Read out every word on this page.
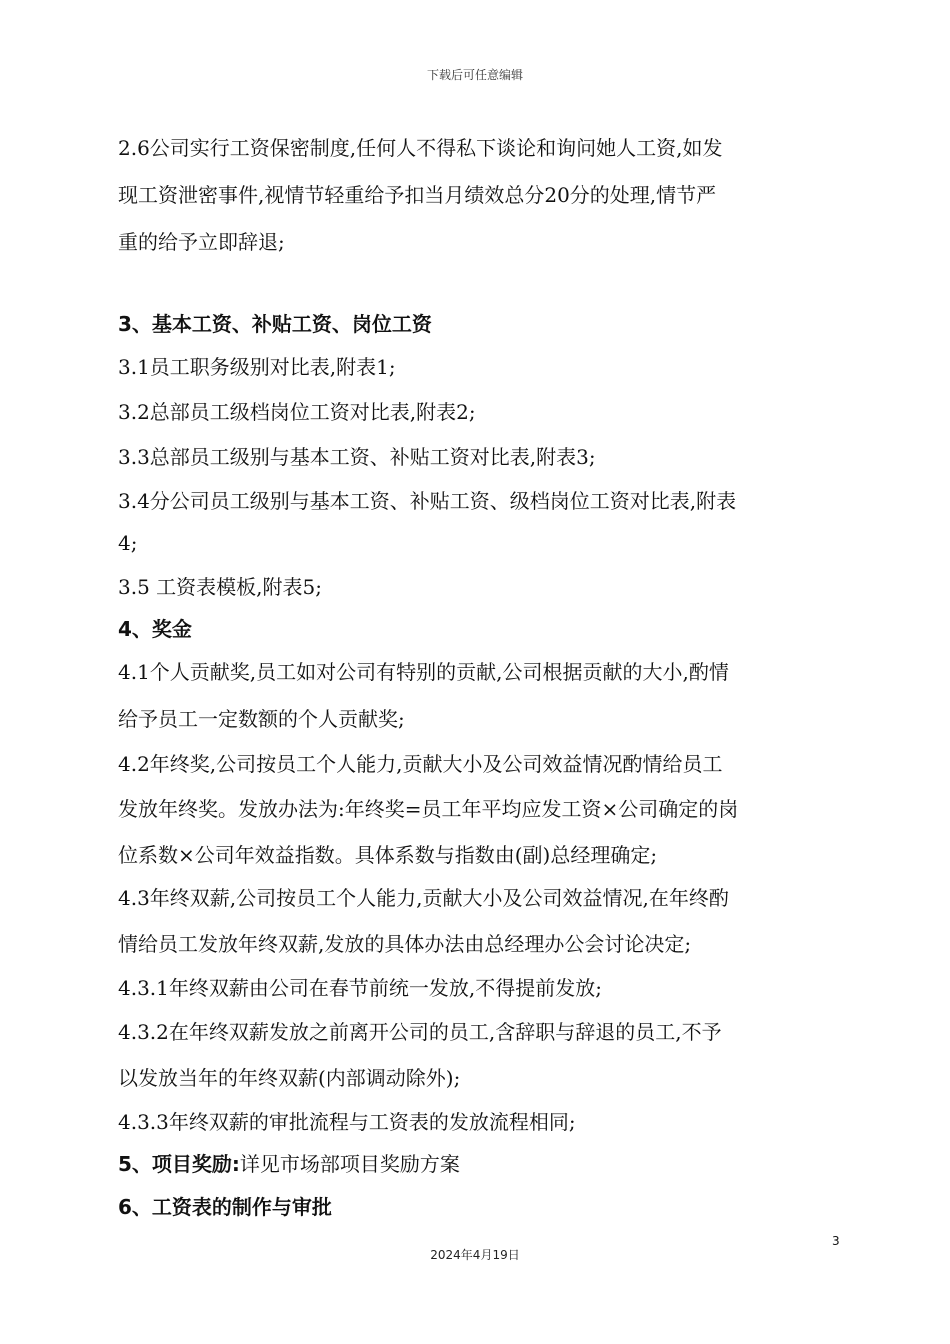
下载后可任意编辑
2.6公司实行工资保密制度,任何人不得私下谈论和询问她人工资,如发
现工资泄密事件,视情节轻重给予扣当月绩效总分20分的处理,情节严
重的给予立即辞退;
3、基本工资、补贴工资、岗位工资
3.1员工职务级别对比表,附表1;
3.2总部员工级档岗位工资对比表,附表2;
3.3总部员工级别与基本工资、补贴工资对比表,附表3;
3.4分公司员工级别与基本工资、补贴工资、级档岗位工资对比表,附表
4;
3.5 工资表模板,附表5;
4、奖金
4.1个人贡献奖,员工如对公司有特别的贡献,公司根据贡献的大小,酌情
给予员工一定数额的个人贡献奖;
4.2年终奖,公司按员工个人能力,贡献大小及公司效益情况酌情给员工
发放年终奖。发放办法为:年终奖=员工年平均应发工资×公司确定的岗
位系数×公司年效益指数。具体系数与指数由(副)总经理确定;
4.3年终双薪,公司按员工个人能力,贡献大小及公司效益情况,在年终酌
情给员工发放年终双薪,发放的具体办法由总经理办公会讨论决定;
4.3.1年终双薪由公司在春节前统一发放,不得提前发放;
4.3.2在年终双薪发放之前离开公司的员工,含辞职与辞退的员工,不予
以发放当年的年终双薪(内部调动除外);
4.3.3年终双薪的审批流程与工资表的发放流程相同;
5、项目奖励:详见市场部项目奖励方案
6、工资表的制作与审批
3
2024年4月19日
